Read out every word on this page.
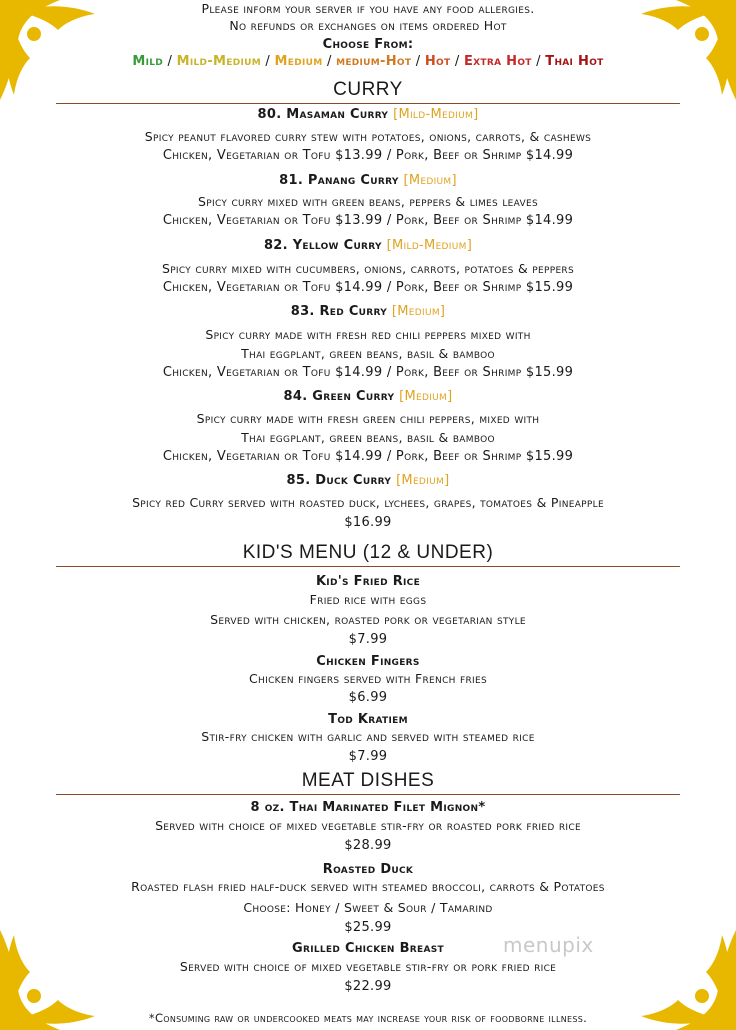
Please inform your server if you have any food allergies.
No refunds or exchanges on items ordered Hot
Choose From:
Mild / Mild-Medium / Medium / medium-Hot / Hot / Extra Hot / Thai Hot
CURRY
80. Masaman Curry [Mild-Medium]
Spicy peanut flavored curry stew with potatoes, onions, carrots, & cashews
Chicken, Vegetarian or Tofu $13.99 / Pork, Beef or Shrimp $14.99
81. Panang Curry [Medium]
Spicy curry mixed with green beans, peppers & limes leaves
Chicken, Vegetarian or Tofu $13.99 / Pork, Beef or Shrimp $14.99
82. Yellow Curry [Mild-Medium]
Spicy curry mixed with cucumbers, onions, carrots, potatoes & peppers
Chicken, Vegetarian or Tofu $14.99 / Pork, Beef or Shrimp $15.99
83. Red Curry [Medium]
Spicy curry made with fresh red chili peppers mixed with
Thai eggplant, green beans, basil & bamboo
Chicken, Vegetarian or Tofu $14.99 / Pork, Beef or Shrimp $15.99
84. Green Curry [Medium]
Spicy curry made with fresh green chili peppers, mixed with
Thai eggplant, green beans, basil & bamboo
Chicken, Vegetarian or Tofu $14.99 / Pork, Beef or Shrimp $15.99
85. Duck Curry [Medium]
Spicy red Curry served with roasted duck, lychees, grapes, tomatoes & Pineapple
$16.99
KID'S MENU (12 & UNDER)
Kid's Fried Rice
Fried rice with eggs
Served with chicken, roasted pork or vegetarian style
$7.99
Chicken Fingers
Chicken fingers served with French fries
$6.99
Tod Kratiem
Stir-fry chicken with garlic and served with steamed rice
$7.99
MEAT DISHES
8 oz. Thai Marinated Filet Mignon*
Served with choice of mixed vegetable stir-fry or roasted pork fried rice
$28.99
Roasted Duck
Roasted flash fried half-duck served with steamed broccoli, carrots & Potatoes
Choose: Honey / Sweet & Sour / Tamarind
$25.99
Grilled Chicken Breast
Served with choice of mixed vegetable stir-fry or pork fried rice
$22.99
menupix
*Consuming raw or undercooked meats may increase your risk of foodborne illness.
